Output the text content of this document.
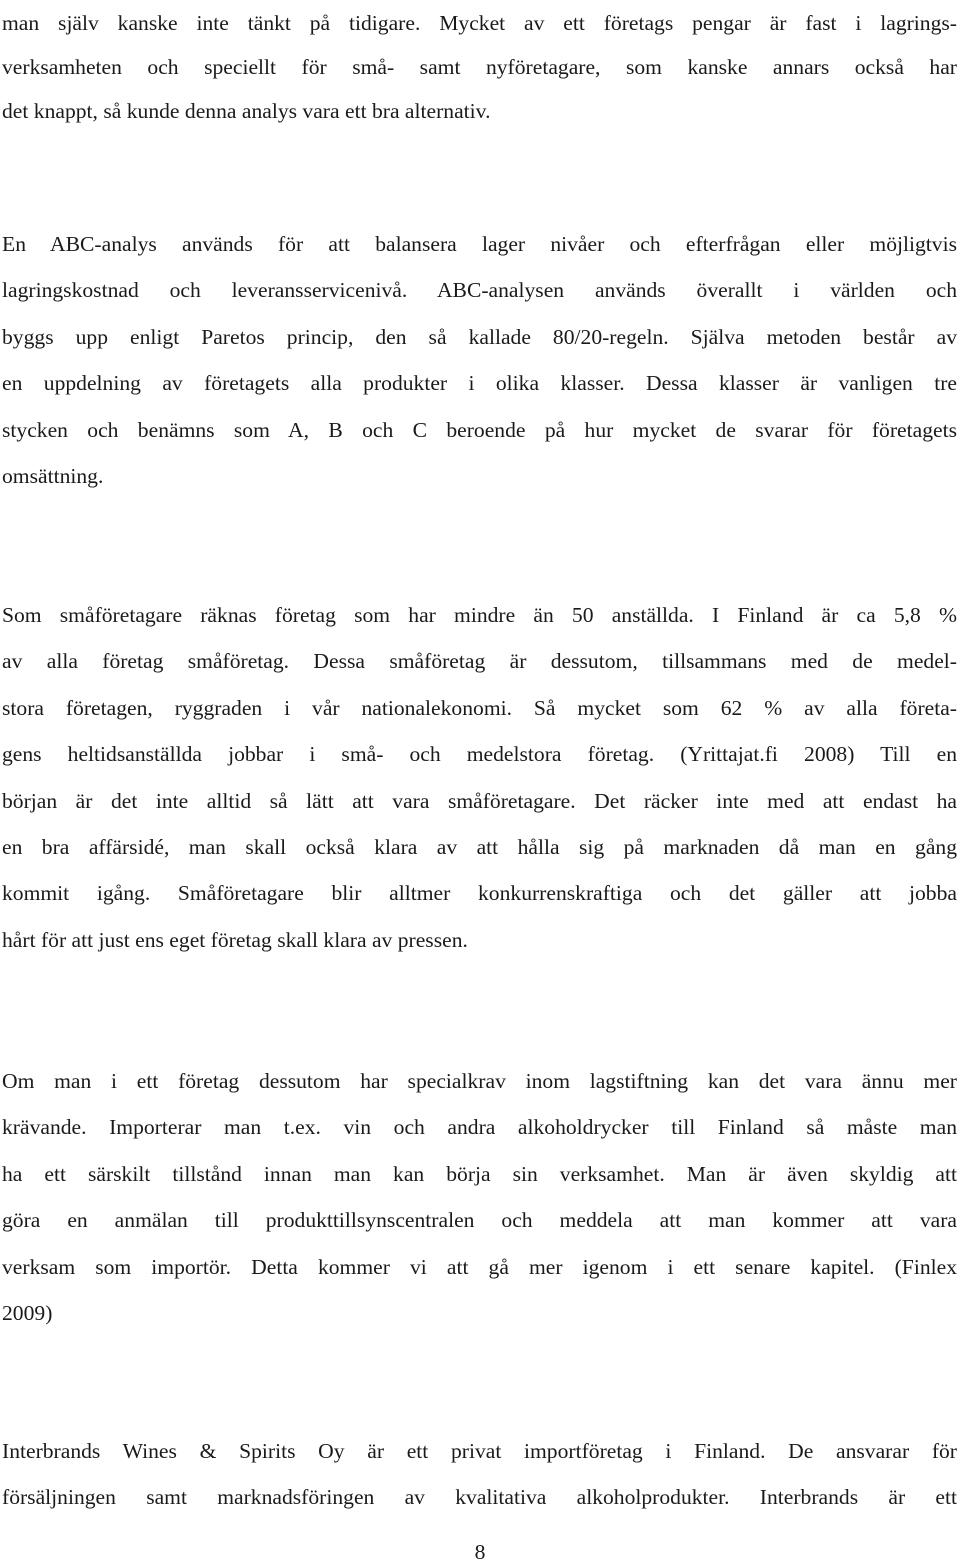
man själv kanske inte tänkt på tidigare. Mycket av ett företags pengar är fast i lagrings-
verksamheten och speciellt för små- samt nyföretagare, som kanske annars också har
det knappt, så kunde denna analys vara ett bra alternativ.

En ABC-analys används för att balansera lager nivåer och efterfrågan eller möjligtvis
lagringskostnad och leveransservicenivå. ABC-analysen används överallt i världen och
byggs upp enligt Paretos princip, den så kallade 80/20-regeln. Själva metoden består av
en uppdelning av företagets alla produkter i olika klasser. Dessa klasser är vanligen tre
stycken och benämns som A, B och C beroende på hur mycket de svarar för företagets
omsättning.

Som småföretagare räknas företag som har mindre än 50 anställda. I Finland är ca 5,8 %
av alla företag småföretag. Dessa småföretag är dessutom, tillsammans med de medel-
stora företagen, ryggraden i vår nationalekonomi. Så mycket som 62 % av alla företa-
gens heltidsanställda jobbar i små- och medelstora företag. (Yrittajat.fi 2008) Till en
början är det inte alltid så lätt att vara småföretagare. Det räcker inte med att endast ha
en bra affärsidé, man skall också klara av att hålla sig på marknaden då man en gång
kommit igång. Småföretagare blir alltmer konkurrenskraftiga och det gäller att jobba
hårt för att just ens eget företag skall klara av pressen.

Om man i ett företag dessutom har specialkrav inom lagstiftning kan det vara ännu mer
krävande. Importerar man t.ex. vin och andra alkoholdrycker till Finland så måste man
ha ett särskilt tillstånd innan man kan börja sin verksamhet. Man är även skyldig att
göra en anmälan till produkttillsynscentralen och meddela att man kommer att vara
verksam som importör. Detta kommer vi att gå mer igenom i ett senare kapitel. (Finlex
2009)

Interbrands Wines & Spirits Oy är ett privat importföretag i Finland. De ansvarar för
försäljningen samt marknadsföringen av kvalitativa alkoholprodukter. Interbrands är ett

8
